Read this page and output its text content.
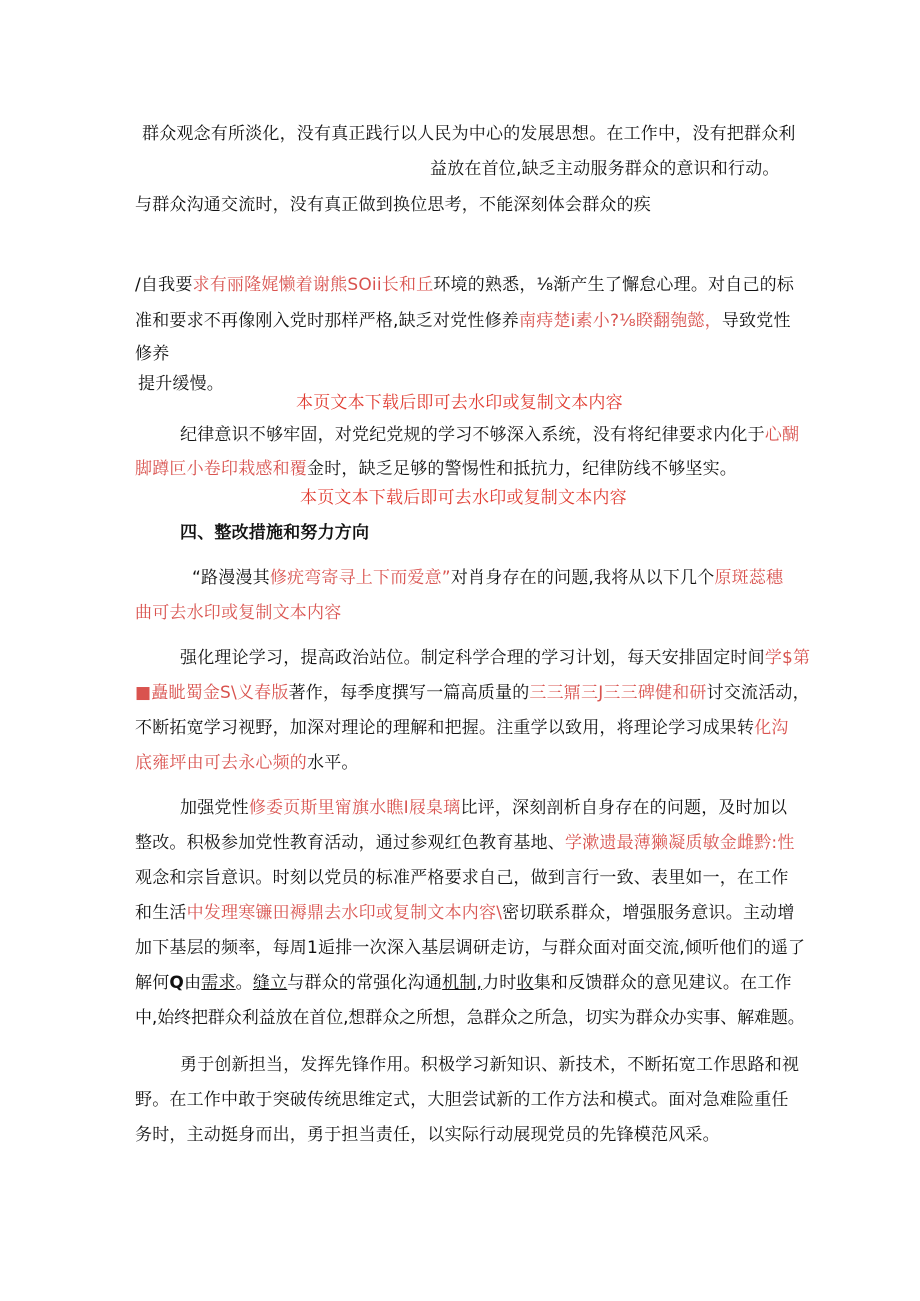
群众观念有所淡化，没有真正践行以人民为中心的发展思想。在工作中，没有把群众利
益放在首位,缺乏主动服务群众的意识和行动。
与群众沟通交流时，没有真正做到换位思考，不能深刻体会群众的疾
/自我要求有丽隆娓懒着谢熊SOii长和丘环境的熟悉，⅛渐产生了懈怠心理。对自己的标
准和要求不再像刚入党时那样严格,缺乏对党性修养南痔楚i素小?⅛睽翻匏懿，导致党性
修养
提升缓慢。
本页文本下载后即可去水印或复制文本内容
纪律意识不够牢固，对党纪党规的学习不够深入系统，没有将纪律要求内化于心醐
脚蹲叵小卷印栽感和覆金时，缺乏足够的警惕性和抵抗力，纪律防线不够坚实。
本页文本下载后即可去水印或复制文本内容
四、整改措施和努力方向
“路漫漫其修疣弯寄寻上下而爱意”对肖身存在的问题,我将从以下几个原斑蕊穗
曲可去水印或复制文本内容
强化理论学习，提高政治站位。制定科学合理的学习计划，每天安排固定时间学$第
■矗眦蜀金S\义春版著作，每季度撰写一篇高质量的三三鼏三J三三碑健和研讨交流活动，
不断拓宽学习视野，加深对理论的理解和把握。注重学以致用，将理论学习成果转化沟
底雍坪由可去永心频的水平。
加强党性修委页斯里甯旗水瞧I屐臬璃比评，深刻剖析自身存在的问题，及时加以
整改。积极参加党性教育活动，通过参观红色教育基地、学漱遗最薄獭凝质敏金雌黔:性
观念和宗旨意识。时刻以党员的标准严格要求自己，做到言行一致、表里如一，在工作
和生活中发理寒镰田褥鼎去水印或复制文本内容\密切联系群众，增强服务意识。主动增
加下基层的频率，每周1逅排一次深入基层调研走访，与群众面对面交流,倾听他们的遥了
解何Q由需求。缝立与群众的常强化沟通机制,力时收集和反馈群众的意见建议。在工作
中,始终把群众利益放在首位,想群众之所想，急群众之所急，切实为群众办实事、解难题。
勇于创新担当，发挥先锋作用。积极学习新知识、新技术，不断拓宽工作思路和视
野。在工作中敢于突破传统思维定式，大胆尝试新的工作方法和模式。面对急难险重任
务时，主动挺身而出，勇于担当责任，以实际行动展现党员的先锋模范风采。
